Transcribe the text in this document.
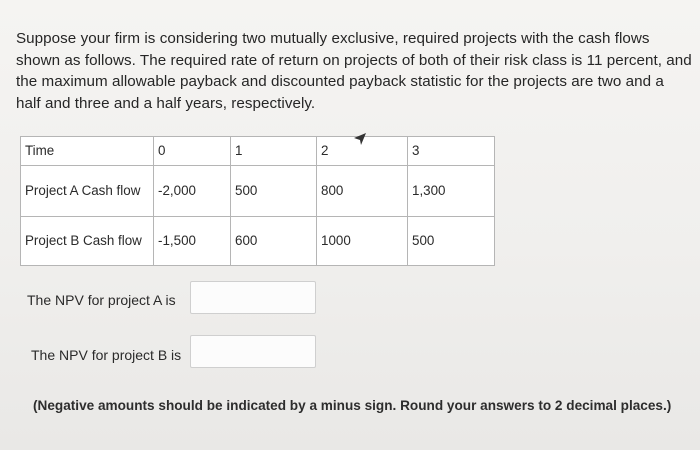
Suppose your firm is considering two mutually exclusive, required projects with the cash flows shown as follows. The required rate of return on projects of both of their risk class is 11 percent, and the maximum allowable payback and discounted payback statistic for the projects are two and a half and three and a half years, respectively.
Time	0	1	2	3
Project A Cash flow	-2,000	500	800	1,300
Project B Cash flow	-1,500	600	1000	500
The NPV for project A is
The NPV for project B is
(Negative amounts should be indicated by a minus sign. Round your answers to 2 decimal places.)
